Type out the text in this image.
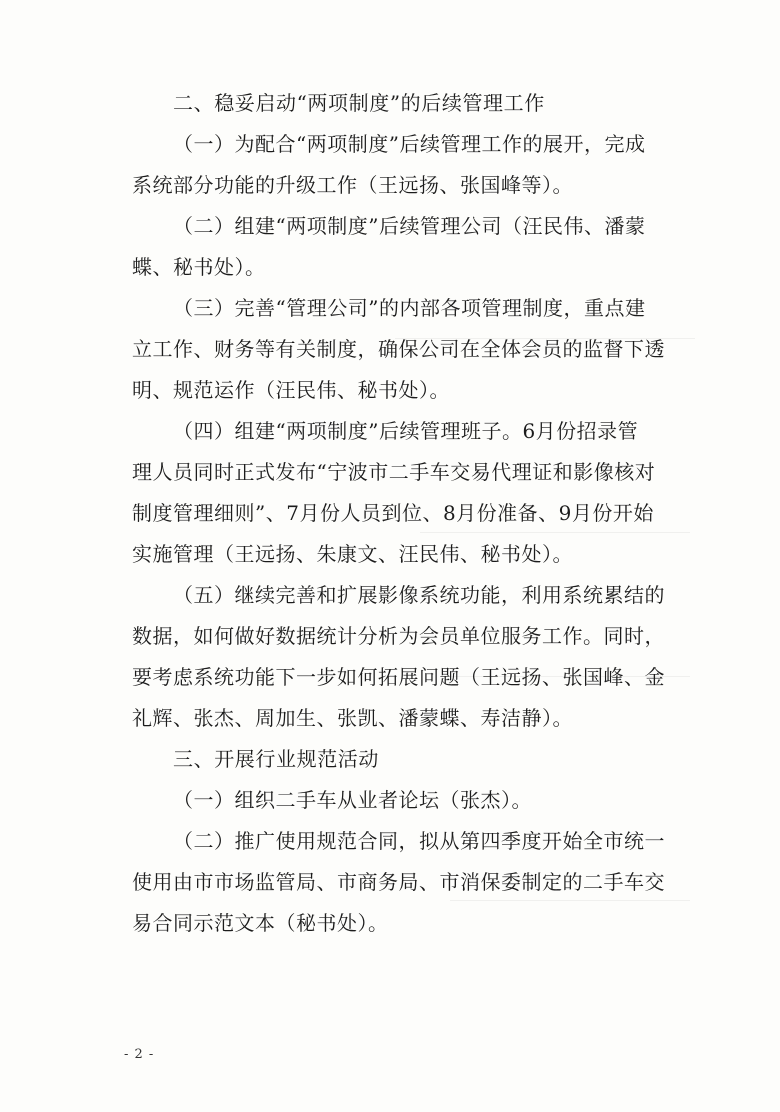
二、稳妥启动“两项制度”的后续管理工作
（一）为配合“两项制度”后续管理工作的展开，完成
系统部分功能的升级工作（王远扬、张国峰等）。
（二）组建“两项制度”后续管理公司（汪民伟、潘蒙
蝶、秘书处）。
（三）完善“管理公司”的内部各项管理制度，重点建
立工作、财务等有关制度，确保公司在全体会员的监督下透
明、规范运作（汪民伟、秘书处）。
（四）组建“两项制度”后续管理班子。6月份招录管
理人员同时正式发布“宁波市二手车交易代理证和影像核对
制度管理细则”、7月份人员到位、8月份准备、9月份开始
实施管理（王远扬、朱康文、汪民伟、秘书处）。
（五）继续完善和扩展影像系统功能，利用系统累结的
数据，如何做好数据统计分析为会员单位服务工作。同时，
要考虑系统功能下一步如何拓展问题（王远扬、张国峰、金
礼辉、张杰、周加生、张凯、潘蒙蝶、寿洁静）。
三、开展行业规范活动
（一）组织二手车从业者论坛（张杰）。
（二）推广使用规范合同，拟从第四季度开始全市统一
使用由市市场监管局、市商务局、市消保委制定的二手车交
易合同示范文本（秘书处）。
- 2 -
